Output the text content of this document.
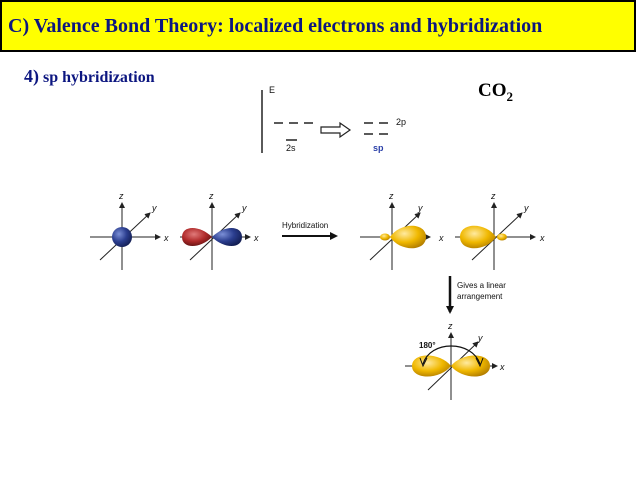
C) Valence Bond Theory: localized electrons and hybridization
4) sp hybridization
$CO_2$
E
2s
2p
sp
x
z
y
x
z
y
Hybridization
x
z
y
x
z
y
Gives a linear
arrangement
180°
x
z
y
